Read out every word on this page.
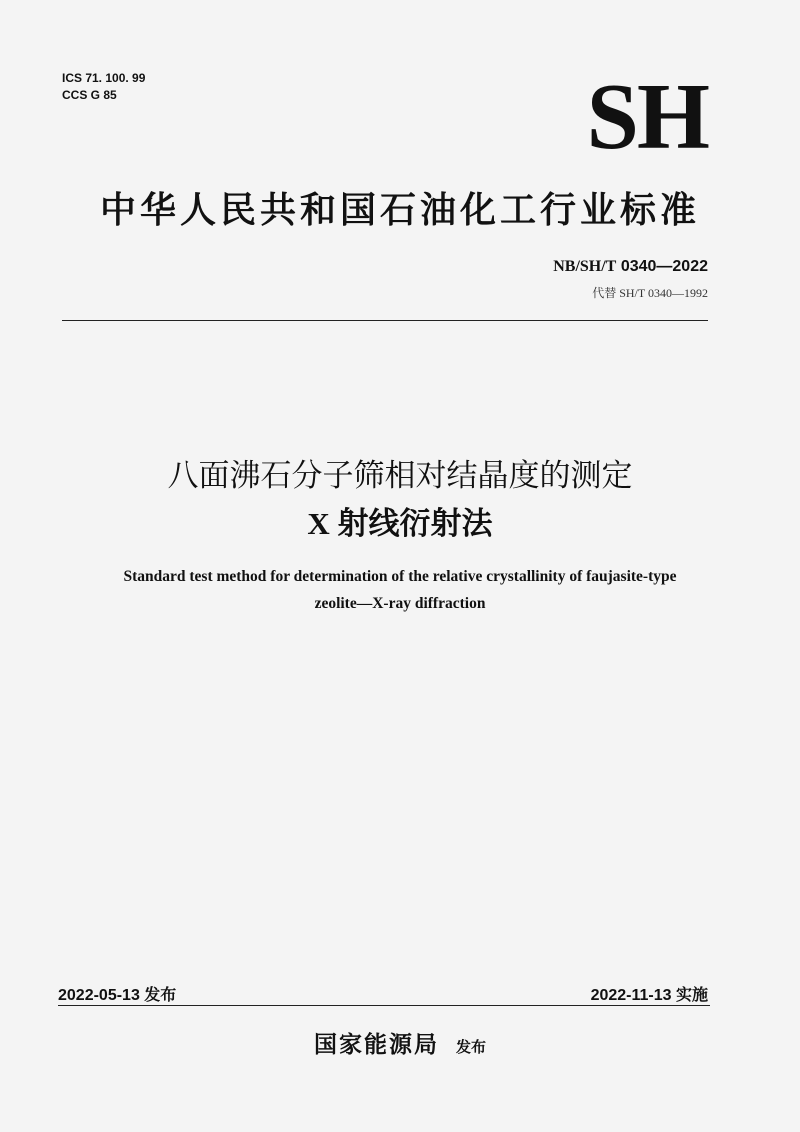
ICS 71. 100. 99
CCS G 85	SH
中华人民共和国石油化工行业标准
NB/SH/T 0340—2022
代替 SH/T 0340—1992
八面沸石分子筛相对结晶度的测定
X 射线衍射法
Standard test method for determination of the relative crystallinity of faujasite-type
zeolite—X-ray diffraction
2022-05-13 发布	2022-11-13 实施
国家能源局 发布
